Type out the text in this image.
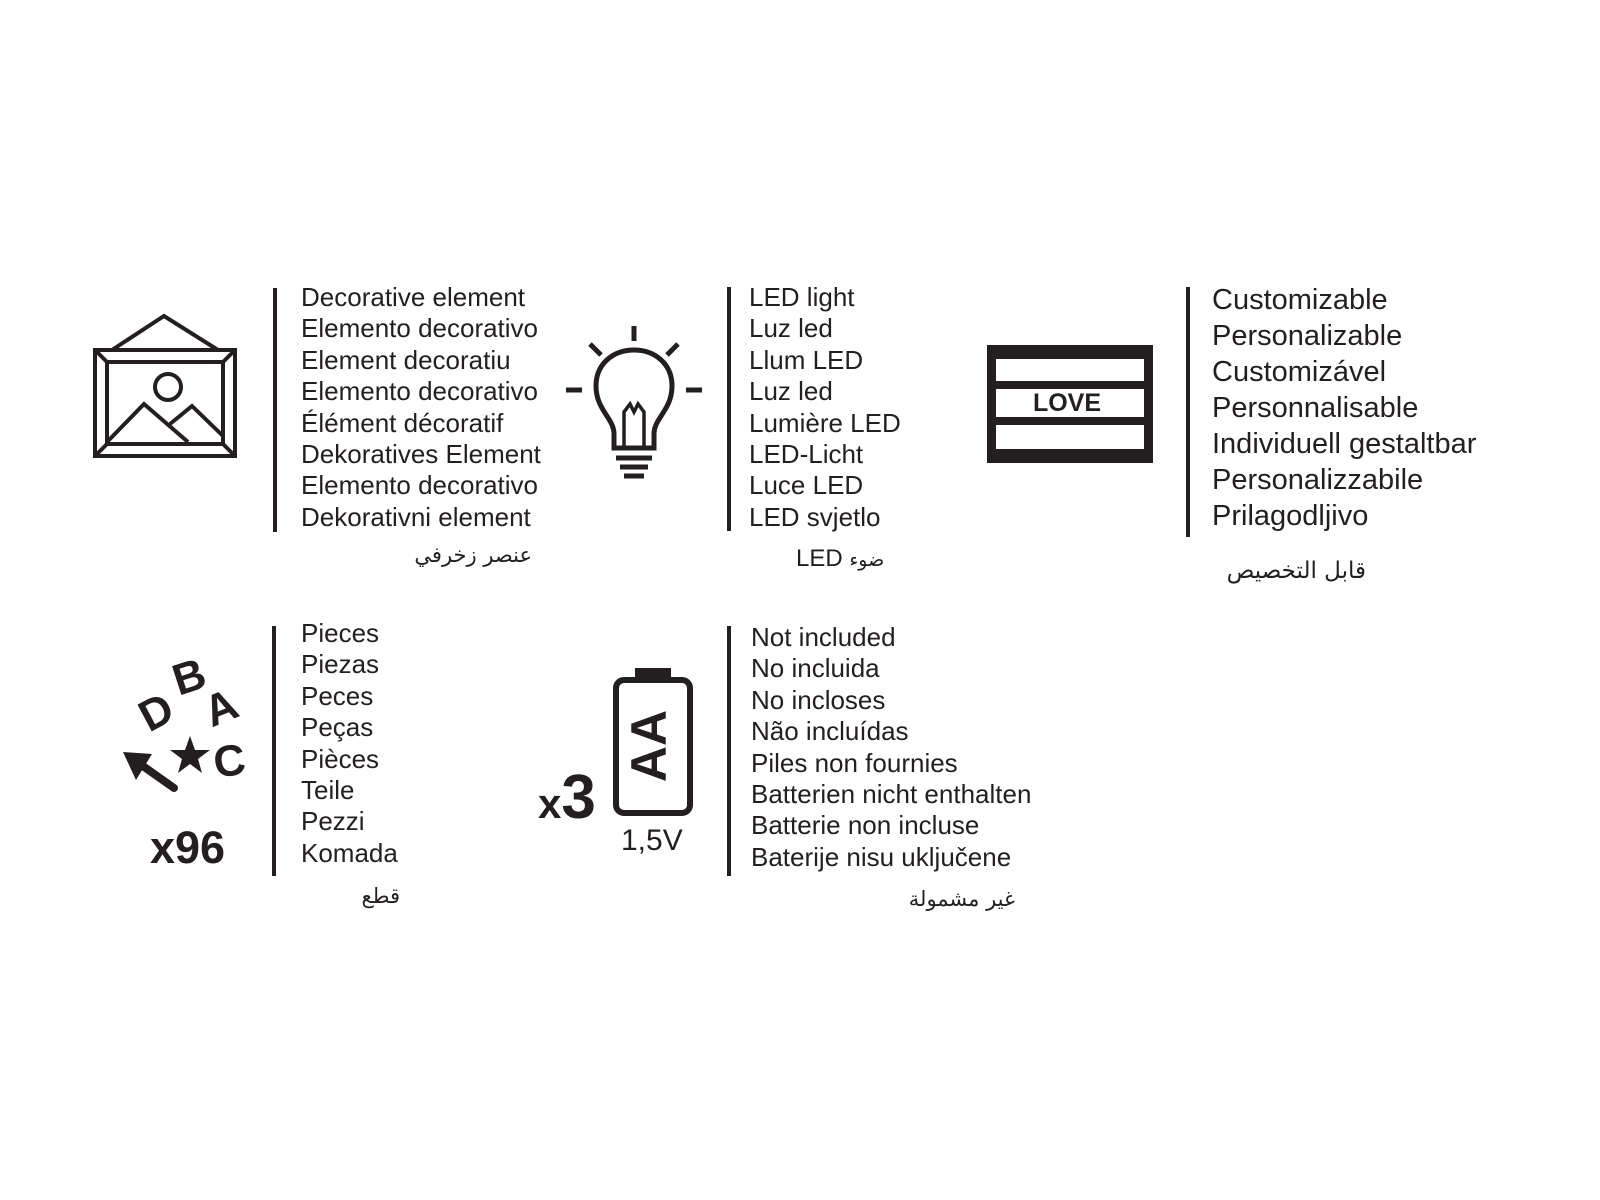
Decorative element
Elemento decorativo
Element decoratiu
Elemento decorativo
Élément décoratif
Dekoratives Element
Elemento decorativo
Dekorativni element
عنصر زخرفي
LED light
Luz led
Llum LED
Luz led
Lumière LED
LED-Licht
Luce LED
LED svjetlo
LED ضوء
LOVE
Customizable
Personalizable
Customizável
Personnalisable
Individuell gestaltbar
Personalizzabile
Prilagodljivo
قابل التخصيص
D
B
A
C
x96
Pieces
Piezas
Peces
Peças
Pièces
Teile
Pezzi
Komada
قطع
x3
AA
1,5V
Not included
No incluida
No incloses
Não incluídas
Piles non fournies
Batterien nicht enthalten
Batterie non incluse
Baterije nisu uključene
غير مشمولة
